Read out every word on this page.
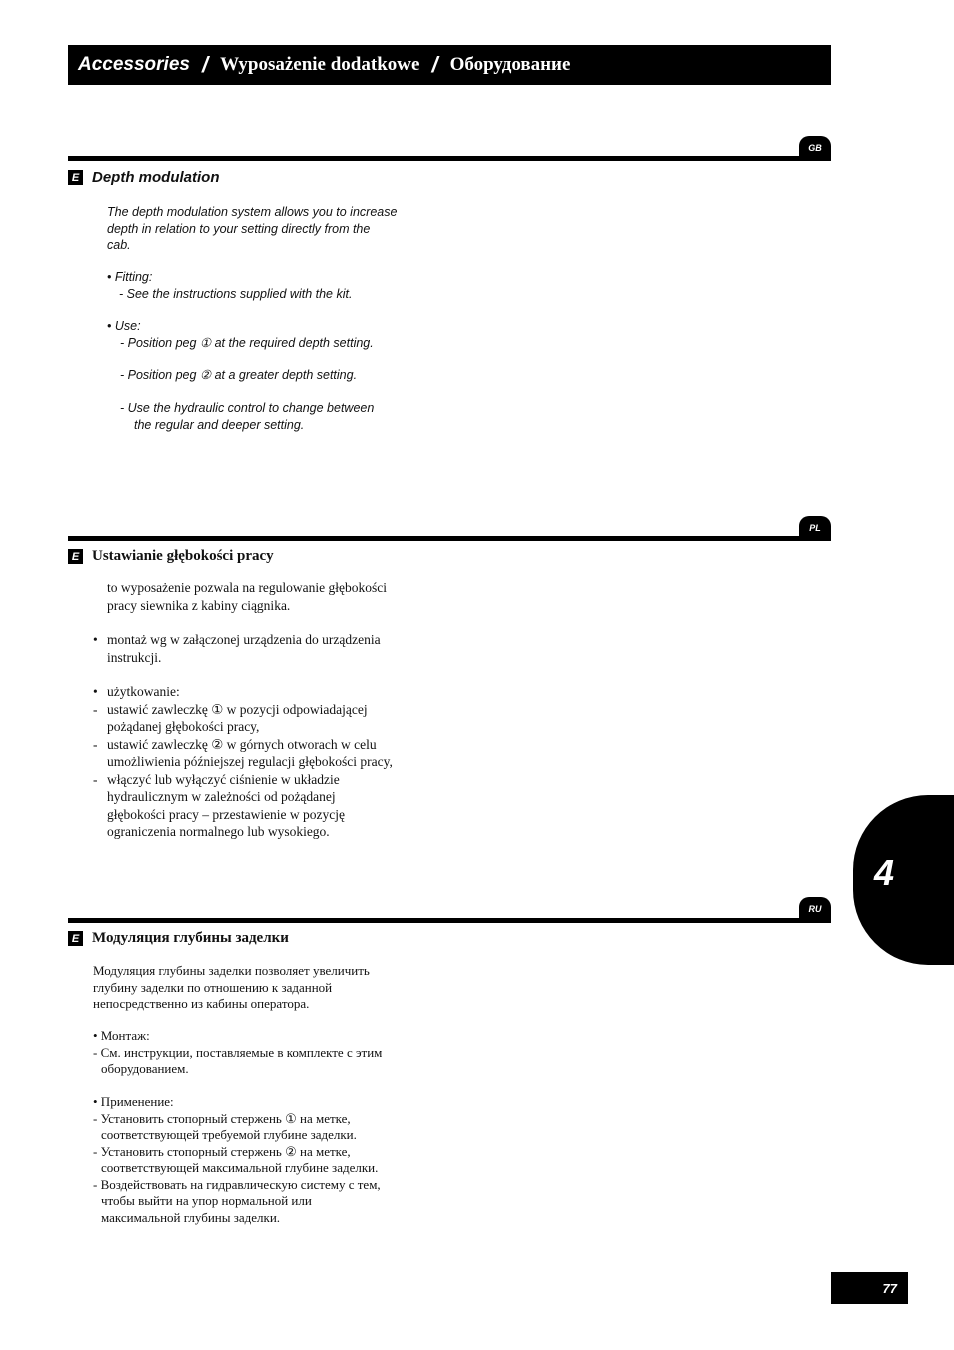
Accessories / Wyposażenie dodatkowe / Оборудование
GB
E Depth modulation
The depth modulation system allows you to increase
depth in relation to your setting directly from the
cab.
• Fitting:
- See the instructions supplied with the kit.
• Use:
- Position peg ① at the required depth setting.
- Position peg ② at a greater depth setting.
- Use the hydraulic control to change between
the regular and deeper setting.
PL
E Ustawianie głębokości pracy
to wyposażenie pozwala na regulowanie głębokości
pracy siewnika z kabiny ciągnika.
• montaż wg w załączonej urządzenia do urządzenia
instrukcji.
• użytkowanie:
- ustawić zawleczkę ① w pozycji odpowiadającej
pożądanej głębokości pracy,
- ustawić zawleczkę ② w górnych otworach w celu
umożliwienia późniejszej regulacji głębokości pracy,
- włączyć lub wyłączyć ciśnienie w układzie
hydraulicznym w zależności od pożądanej
głębokości pracy – przestawienie w pozycję
ograniczenia normalnego lub wysokiego.
4
RU
E Модуляция глубины заделки
Модуляция глубины заделки позволяет увеличить
глубину заделки по отношению к заданной
непосредственно из кабины оператора.
• Монтаж:
- См. инструкции, поставляемые в комплекте с этим
оборудованием.
• Применение:
- Установить стопорный стержень ① на метке,
соответствующей требуемой глубине заделки.
- Установить стопорный стержень ② на метке,
соответствующей максимальной глубине заделки.
- Воздействовать на гидравлическую систему с тем,
чтобы выйти на упор нормальной или
максимальной глубины заделки.
77
